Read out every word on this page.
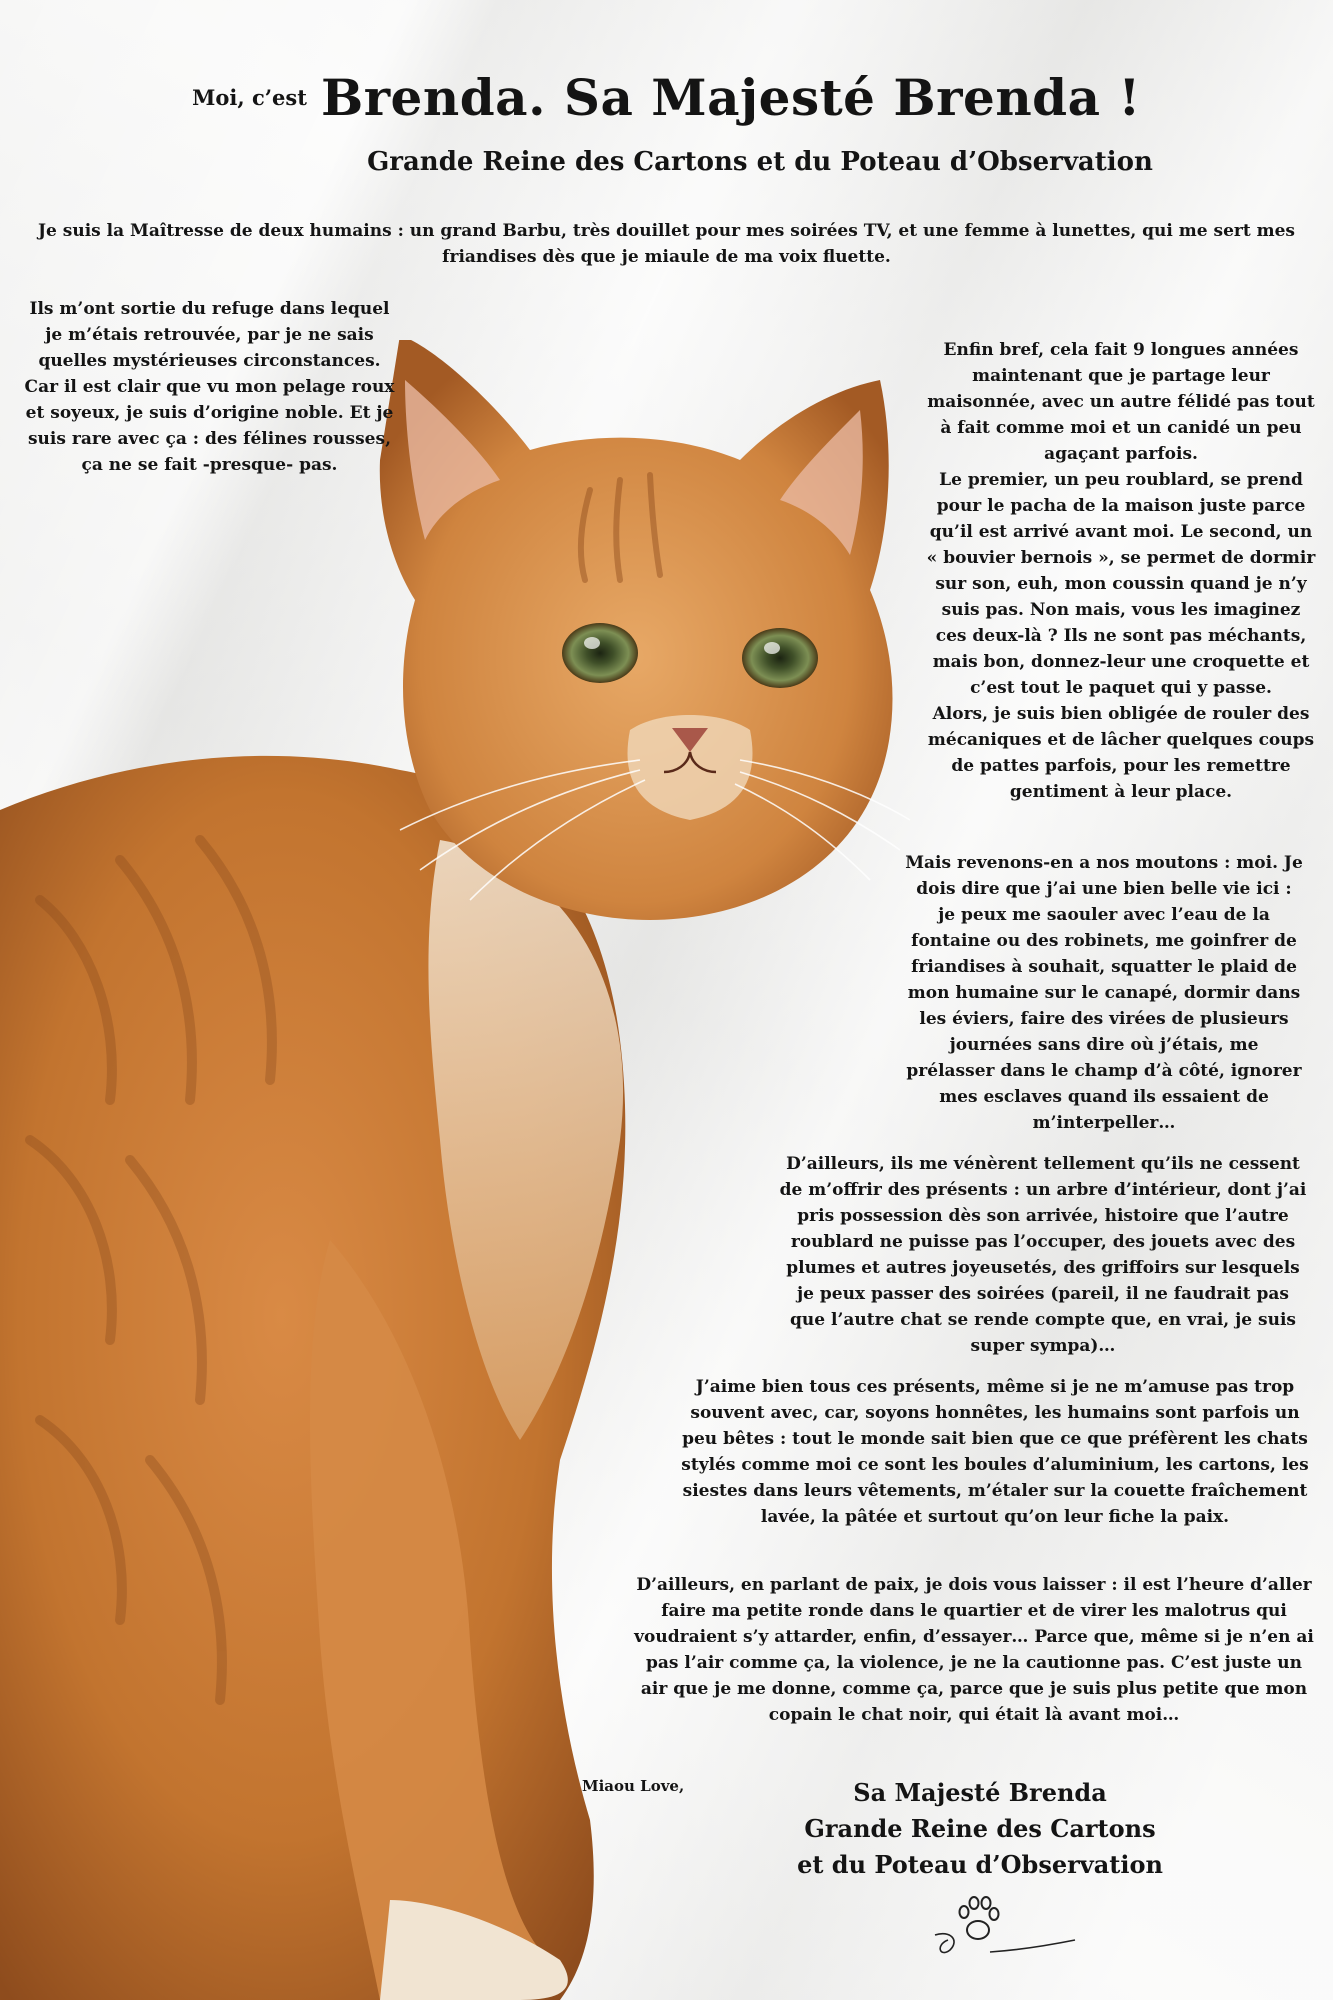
Moi, c’est Brenda. Sa Majesté Brenda !
Grande Reine des Cartons et du Poteau d’Observation
Je suis la Maîtresse de deux humains : un grand Barbu, très douillet pour mes soirées TV, et une femme à lunettes, qui me sert mes friandises dès que je miaule de ma voix fluette.
Ils m’ont sortie du refuge dans lequel je m’étais retrouvée, par je ne sais quelles mystérieuses circonstances. Car il est clair que vu mon pelage roux et soyeux, je suis d’origine noble. Et je suis rare avec ça : des félines rousses, ça ne se fait -presque- pas.
Enfin bref, cela fait 9 longues années maintenant que je partage leur maisonnée, avec un autre félidé pas tout à fait comme moi et un canidé un peu agaçant parfois.
Le premier, un peu roublard, se prend pour le pacha de la maison juste parce qu’il est arrivé avant moi. Le second, un « bouvier bernois », se permet de dormir sur son, euh, mon coussin quand je n’y suis pas. Non mais, vous les imaginez ces deux-là ? Ils ne sont pas méchants, mais bon, donnez-leur une croquette et c’est tout le paquet qui y passe.
Alors, je suis bien obligée de rouler des mécaniques et de lâcher quelques coups de pattes parfois, pour les remettre gentiment à leur place.
Mais revenons-en a nos moutons : moi. Je dois dire que j’ai une bien belle vie ici : je peux me saouler avec l’eau de la fontaine ou des robinets, me goinfrer de friandises à souhait, squatter le plaid de mon humaine sur le canapé, dormir dans les éviers, faire des virées de plusieurs journées sans dire où j’étais, me prélasser dans le champ d’à côté, ignorer mes esclaves quand ils essaient de m’interpeller…
D’ailleurs, ils me vénèrent tellement qu’ils ne cessent de m’offrir des présents : un arbre d’intérieur, dont j’ai pris possession dès son arrivée, histoire que l’autre roublard ne puisse pas l’occuper, des jouets avec des plumes et autres joyeusetés, des griffoirs sur lesquels je peux passer des soirées (pareil, il ne faudrait pas que l’autre chat se rende compte que, en vrai, je suis super sympa)…
J’aime bien tous ces présents, même si je ne m’amuse pas trop souvent avec, car, soyons honnêtes, les humains sont parfois un peu bêtes : tout le monde sait bien que ce que préfèrent les chats stylés comme moi ce sont les boules d’aluminium, les cartons, les siestes dans leurs vêtements, m’étaler sur la couette fraîchement lavée, la pâtée et surtout qu’on leur fiche la paix.
D’ailleurs, en parlant de paix, je dois vous laisser : il est l’heure d’aller faire ma petite ronde dans le quartier et de virer les malotrus qui voudraient s’y attarder, enfin, d’essayer… Parce que, même si je n’en ai pas l’air comme ça, la violence, je ne la cautionne pas. C’est juste un air que je me donne, comme ça, parce que je suis plus petite que mon copain le chat noir, qui était là avant moi…
Miaou Love,	Sa Majesté Brenda
Grande Reine des Cartons
et du Poteau d’Observation
